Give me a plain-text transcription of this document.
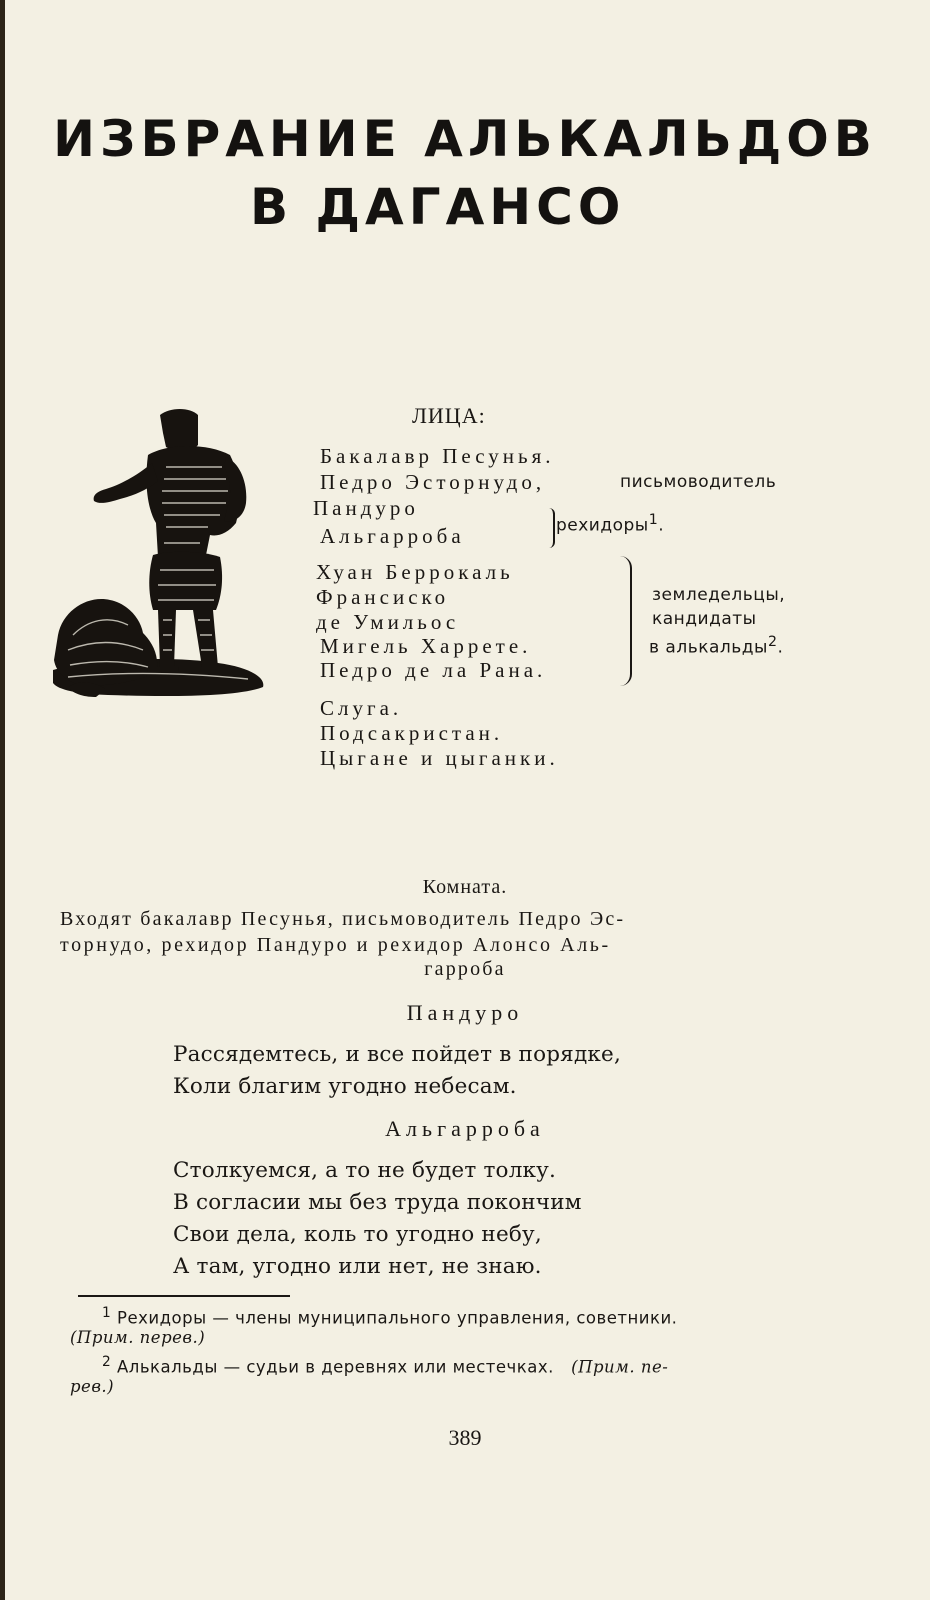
ИЗБРАНИЕ АЛЬКАЛЬДОВ
В ДАГАНСО
ЛИЦА:
Бакалавр Песунья.
Педро Эсторнудо,	письмоводитель
Пандуро
Альгарроба	рехидоры$^1$.
Хуан Беррокаль
Франсиско
де Умильос
Мигель Харрете.
Педро де ла Рана.
земледельцы,
кандидаты
в алькальды$^2$.
Слуга.
Подсакристан.
Цыгане и цыганки.
Комната.
Входят бакалавр Песунья, письмоводитель Педро Эс-
торнудо, рехидор Пандуро и рехидор Алонсо Аль-
гарроба
Пандуро
Рассядемтесь, и все пойдет в порядке,
Коли благим угодно небесам.
Альгарроба
Столкуемся, а то не будет толку.
В согласии мы без труда покончим
Свои дела, коль то угодно небу,
А там, угодно или нет, не знаю.
$^1$ Рехидоры — члены муниципального управления, советники.
(Прим. перев.)
$^2$ Алькальды — судьи в деревнях или местечках. (Прим. пе-
рев.)
389
